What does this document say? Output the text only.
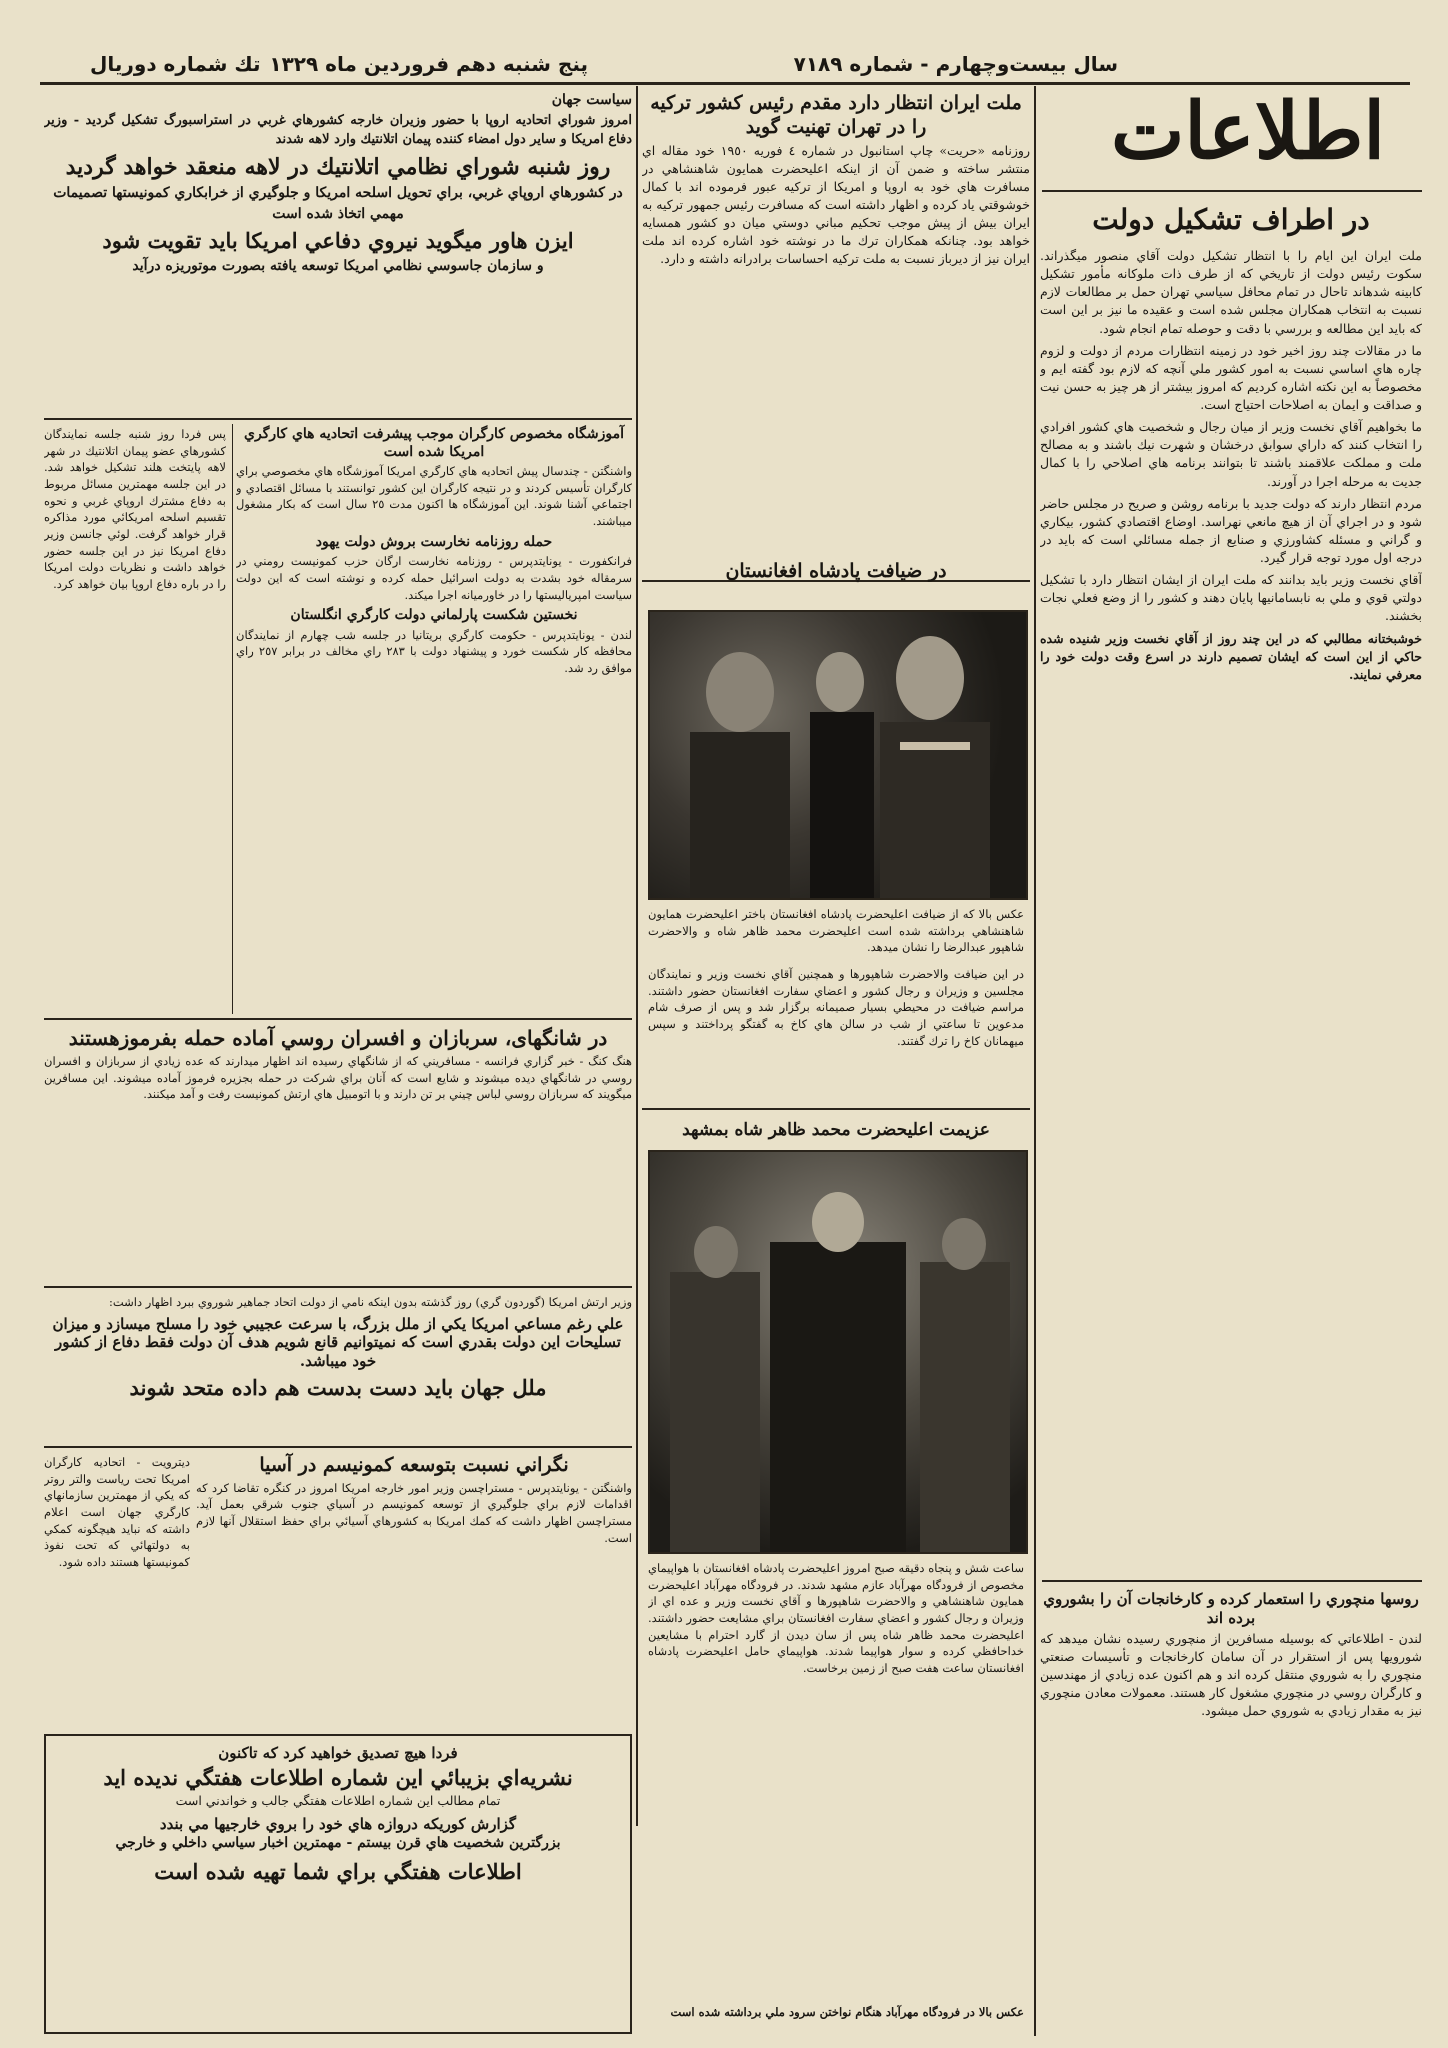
سال بيست‌وچهارم - شماره ٧١٨٩
پنج شنبه دهم فروردين ماه ١٣٢٩
تك شماره دوريال
اطلاعات
در اطراف تشكيل دولت

ملت ايران اين ايام را با انتظار تشكيل دولت آقاي منصور ميگذراند. سكوت رئيس دولت از تاريخي كه از طرف ذات ملوكانه مأمور تشكيل كابينه شدهاند تاحال در تمام محافل سياسي تهران حمل بر مطالعات لازم نسبت به انتخاب همكاران مجلس شده است و عقيده ما نيز بر اين است كه بايد اين مطالعه و بررسي با دقت و حوصله تمام انجام شود.

ما در مقالات چند روز اخير خود در زمينه انتظارات مردم از دولت و لزوم چاره هاي اساسي نسبت به امور كشور ملي آنچه كه لازم بود گفته ايم و مخصوصاً به اين نكته اشاره كرديم كه امروز بيشتر از هر چيز به حسن نيت و صداقت و ايمان به اصلاحات احتياج است.

ما بخواهيم آقاي نخست وزير از ميان رجال و شخصيت هاي كشور افرادي را انتخاب كنند كه داراي سوابق درخشان و شهرت نيك باشند و به مصالح ملت و مملكت علاقمند باشند تا بتوانند برنامه هاي اصلاحي را با كمال جديت به مرحله اجرا در آورند.

مردم انتظار دارند كه دولت جديد با برنامه روشن و صريح در مجلس حاضر شود و در اجراي آن از هيچ مانعي نهراسد. اوضاع اقتصادي كشور، بيكاري و گراني و مسئله كشاورزي و صنايع از جمله مسائلي است كه بايد در درجه اول مورد توجه قرار گيرد.

آقاي نخست وزير بايد بدانند كه ملت ايران از ايشان انتظار دارد با تشكيل دولتي قوي و ملي به نابسامانيها پايان دهند و كشور را از وضع فعلي نجات بخشند.

خوشبختانه مطالبي كه در اين چند روز از آقاي نخست وزير شنيده شده حاكي از اين است كه ايشان تصميم دارند در اسرع وقت دولت خود را معرفي نمايند.

روسها منچوري را استعمار كرده و كارخانجات آن را بشوروي برده اند

لندن - اطلاعاتي كه بوسيله مسافرين از منچوري رسيده نشان ميدهد كه شورويها پس از استقرار در آن سامان كارخانجات و تأسيسات صنعتي منچوري را به شوروي منتقل كرده اند و هم اكنون عده زيادي از مهندسين و كارگران روسي در منچوري مشغول كار هستند. معمولات معادن منچوري نيز به مقدار زيادي به شوروي حمل ميشود.

ملت ايران انتظار دارد مقدم رئيس كشور تركيه را در تهران تهنيت گويد

روزنامه «حريت» چاپ استانبول در شماره ٤ فوريه ١٩٥٠ خود مقاله اي منتشر ساخته و ضمن آن از اينكه اعليحضرت همايون شاهنشاهي در مسافرت هاي خود به اروپا و امريكا از تركيه عبور فرموده اند با كمال خوشوقتي ياد كرده و اظهار داشته است كه مسافرت رئيس جمهور تركيه به ايران بيش از پيش موجب تحكيم مباني دوستي ميان دو كشور همسايه خواهد بود. چنانكه همكاران ترك ما در نوشته خود اشاره كرده اند ملت ايران نيز از ديرباز نسبت به ملت تركيه احساسات برادرانه داشته و دارد.

در ضيافت پادشاه افغانستان
عكس بالا كه از ضيافت اعليحضرت پادشاه افغانستان باختر اعليحضرت همايون شاهنشاهي برداشته شده است اعليحضرت محمد ظاهر شاه و والاحضرت شاهپور عبدالرضا را نشان ميدهد.
در اين ضيافت والاحضرت شاهپورها و همچنين آقاي نخست وزير و نمايندگان مجلسين و وزيران و رجال كشور و اعضاي سفارت افغانستان حضور داشتند. مراسم ضيافت در محيطي بسيار صميمانه برگزار شد و پس از صرف شام مدعوين تا ساعتي از شب در سالن هاي كاخ به گفتگو پرداختند و سپس ميهمانان كاخ را ترك گفتند.
عزيمت اعليحضرت محمد ظاهر شاه بمشهد
ساعت شش و پنجاه دقيقه صبح امروز اعليحضرت پادشاه افغانستان با هواپيماي مخصوص از فرودگاه مهرآباد عازم مشهد شدند. در فرودگاه مهرآباد اعليحضرت همايون شاهنشاهي و والاحضرت شاهپورها و آقاي نخست وزير و عده اي از وزيران و رجال كشور و اعضاي سفارت افغانستان براي مشايعت حضور داشتند. اعليحضرت محمد ظاهر شاه پس از سان ديدن از گارد احترام با مشايعين خداحافظي كرده و سوار هواپيما شدند. هواپيماي حامل اعليحضرت پادشاه افغانستان ساعت هفت صبح از زمين برخاست.
عكس بالا در فرودگاه مهرآباد هنگام نواختن سرود ملي برداشته شده است
سياست جهان

امروز شوراي اتحاديه اروپا با حضور وزيران خارجه كشورهاي غربي در استراسبورگ تشكيل گرديد - وزير دفاع امريكا و ساير دول امضاء كننده پيمان اتلانتيك وارد لاهه شدند

روز شنبه شوراي نظامي اتلانتيك در لاهه منعقد خواهد گرديد

در كشورهاي اروپاي غربي، براي تحويل اسلحه امريكا و جلوگيري از خرابكاري كمونيستها تصميمات مهمي اتخاذ شده است

ايزن هاور ميگويد نيروي دفاعي امريكا بايد تقويت شود

و سازمان جاسوسي نظامي امريكا توسعه يافته بصورت موتوريزه درآيد

آموزشگاه مخصوص كارگران موجب پيشرفت اتحاديه هاي كارگري امريكا شده است

واشنگتن - چندسال پيش اتحاديه هاي كارگري امريكا آموزشگاه هاي مخصوصي براي كارگران تأسيس كردند و در نتيجه كارگران اين كشور توانستند با مسائل اقتصادي و اجتماعي آشنا شوند. اين آموزشگاه ها اكنون مدت ٢٥ سال است كه بكار مشغول ميباشند.

حمله روزنامه نخارست بروش دولت يهود

فرانكفورت - يونايتدپرس - روزنامه نخارست ارگان حزب كمونيست رومني در سرمقاله خود بشدت به دولت اسرائيل حمله كرده و نوشته است كه اين دولت سياست امپرياليستها را در خاورميانه اجرا ميكند.

نخستين شكست پارلماني دولت كارگري انگلستان

لندن - يونايتدپرس - حكومت كارگري بريتانيا در جلسه شب چهارم از نمايندگان محافظه كار شكست خورد و پيشنهاد دولت با ٢٨٣ راي مخالف در برابر ٢٥٧ راي موافق رد شد.

پس فردا روز شنبه جلسه نمايندگان كشورهاي عضو پيمان اتلانتيك در شهر لاهه پايتخت هلند تشكيل خواهد شد. در اين جلسه مهمترين مسائل مربوط به دفاع مشترك اروپاي غربي و نحوه تقسيم اسلحه امريكائي مورد مذاكره قرار خواهد گرفت. لوئي جانسن وزير دفاع امريكا نيز در اين جلسه حضور خواهد داشت و نظريات دولت امريكا را در باره دفاع اروپا بيان خواهد كرد.

در شانگهای، سربازان و افسران روسي آماده حمله بفرموزهستند

هنگ كنگ - خبر گزاري فرانسه - مسافريني كه از شانگهاي رسيده اند اظهار ميدارند كه عده زيادي از سربازان و افسران روسي در شانگهاي ديده ميشوند و شايع است كه آنان براي شركت در حمله بجزيره فرموز آماده ميشوند. اين مسافرين ميگويند كه سربازان روسي لباس چيني بر تن دارند و با اتومبيل هاي ارتش كمونيست رفت و آمد ميكنند.

وزير ارتش امريكا (گوردون گري) روز گذشته بدون اينكه نامي از دولت اتحاد جماهير شوروي ببرد اظهار داشت:

علي رغم مساعي امريكا يكي از ملل بزرگ، با سرعت عجيبي خود را مسلح ميسازد و ميزان تسليحات اين دولت بقدري است كه نميتوانيم قانع شويم هدف آن دولت فقط دفاع از كشور خود ميباشد.
ملل جهان بايد دست بدست هم داده متحد شوند
نگراني نسبت بتوسعه كمونيسم در آسيا

واشنگتن - يونايتدپرس - مستراچسن وزير امور خارجه امريكا امروز در كنگره تقاضا كرد كه اقدامات لازم براي جلوگيري از توسعه كمونيسم در آسياي جنوب شرقي بعمل آيد. مستراچسن اظهار داشت كه كمك امريكا به كشورهاي آسيائي براي حفظ استقلال آنها لازم است.

ديترويت - اتحاديه كارگران امريكا تحت رياست والتر روتر كه يكي از مهمترين سازمانهاي كارگري جهان است اعلام داشته كه نبايد هيچگونه كمكي به دولتهائي كه تحت نفوذ كمونيستها هستند داده شود.

فردا هيچ تصديق خواهيد كرد كه تاكنون
نشريه‌اي بزيبائي اين شماره اطلاعات هفتگي نديده ايد
تمام مطالب اين شماره اطلاعات هفتگي جالب و خواندني است
گزارش كوريكه دروازه هاي خود را بروي خارجيها مي بندد
بزرگترين شخصيت هاي قرن بيستم - مهمترين اخبار سياسي داخلي و خارجي
اطلاعات هفتگي براي شما تهيه شده است
